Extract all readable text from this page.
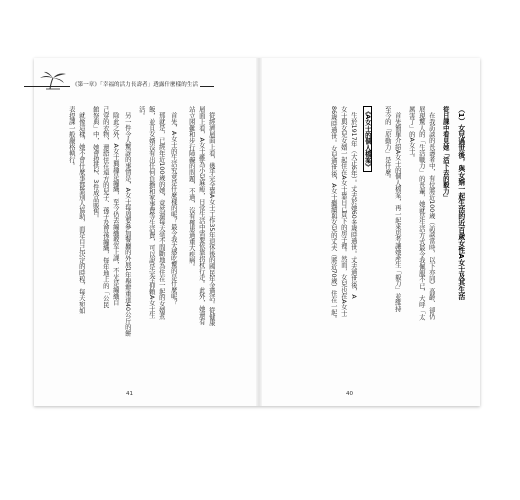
《第一章》「幸福的活力長壽者」透露什麼樣的生活
（1）女兒過世後，與女婿一起生活的近百歲女性A女士及其生活
從日課中看見她「活下去的毅力」
在我訪談的長壽者中，有位將近100歲（訪談當時，以下亦同）高齡、卻仍
展現驚人的「生活戰力」的長輩，她就是生活方式最令我佩服不已，大呼「太
厲害了」的A女士。
首先簡單介紹A女士的個人檔案，再一起來思考讓她產生「毅力」並維持
至今的「原動力」是什麼。
《A女士的個人檔案》
生於1917年（大正6年）。丈夫於她60多歲時過世。丈夫過世後，A
女士與女兒女婿一起住在A女士靠自己買下的房子裡。然而，女兒也在A女士
86歲時過世。女兒過世後，A女士繼續與女兒的丈夫（將近70歲）住在一起。
40
從經濟層面上看，幾乎完全靠A女士工作35年退休後的國民年金過活。從健康
層面上看，A女士雖為小兒麻痺，日常生活中需要依靠拐杖行走。此外，她還有
站立困難和步行障礙的問題，不過，沒有罹患過重大疾病。
首先，A女士的生活究竟是什麼樣的呢？最令我大感吃驚的是什麼呢？
那就是，已經年近100歲的她，竟然還每天毫不間斷地為住在一起的女婿煮
飯，並且女婿沒有出任何負擔和家事費等生活費，可以說是完全仰賴A女士生
活。
另一件令人驚訝的事情是，A女士每周要參加餐廳的外展1年舉辦重達40公斤的餅
除此之外，A女士興趣是編織，至今仍去編織教室上課，不光是編織自
己穿的衣物，還給住在遠方的兒子、孫子及曾孫編織，每年地上的「公民
館祭典」中，她會提供2、3件成品販售。
就像這樣，她不會什麼事都靠別人協助，而是自己決定的時程，每天宛如
表提課一般嚴格執行。
41
